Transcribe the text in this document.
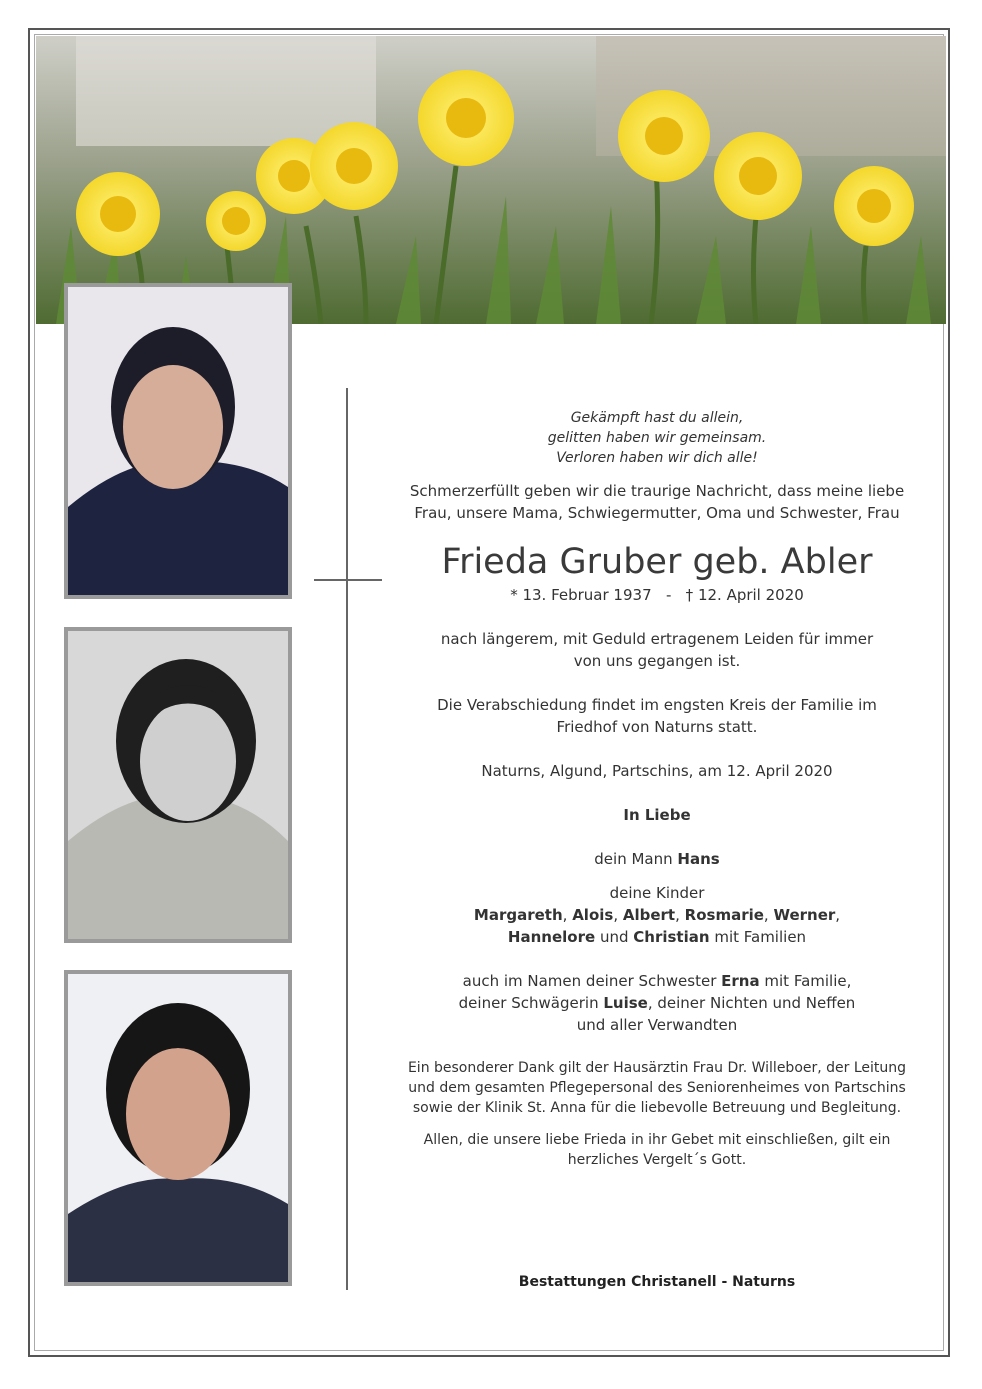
Gekämpft hast du allein,

gelitten haben wir gemeinsam.

Verloren haben wir dich alle!

Schmerzerfüllt geben wir die traurige Nachricht, dass meine liebe

Frau, unsere Mama, Schwiegermutter, Oma und Schwester, Frau

Frieda Gruber geb. Abler

* 13. Februar 1937 - † 12. April 2020

nach längerem, mit Geduld ertragenem Leiden für immer

von uns gegangen ist.

Die Verabschiedung findet im engsten Kreis der Familie im

Friedhof von Naturns statt.

Naturns, Algund, Partschins, am 12. April 2020

In Liebe

dein Mann Hans

deine Kinder

Margareth, Alois, Albert, Rosmarie, Werner,

Hannelore und Christian mit Familien

auch im Namen deiner Schwester Erna mit Familie,

deiner Schwägerin Luise, deiner Nichten und Neffen

und aller Verwandten

Ein besonderer Dank gilt der Hausärztin Frau Dr. Willeboer, der Leitung

und dem gesamten Pflegepersonal des Seniorenheimes von Partschins

sowie der Klinik St. Anna für die liebevolle Betreuung und Begleitung.

Allen, die unsere liebe Frieda in ihr Gebet mit einschließen, gilt ein

herzliches Vergelt´s Gott.

Bestattungen Christanell - Naturns
